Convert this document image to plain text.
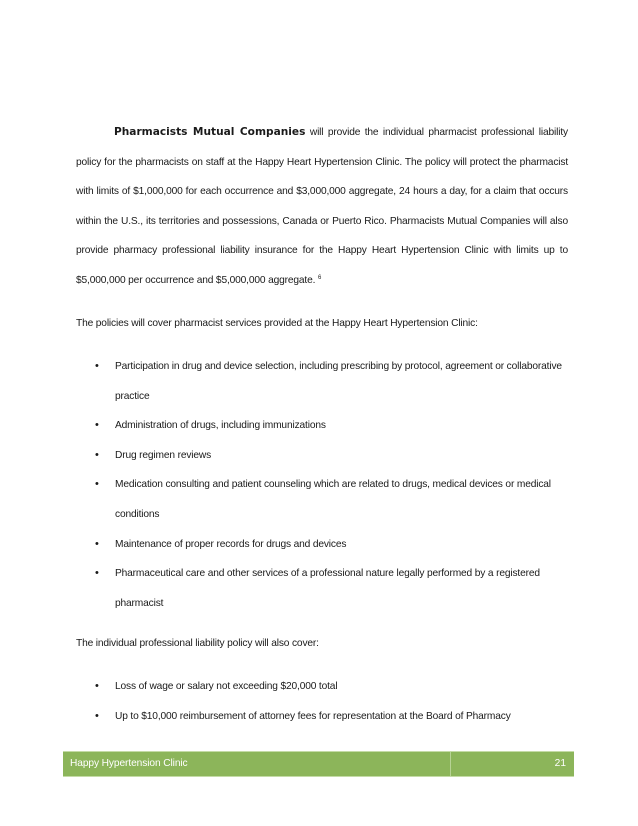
Pharmacists Mutual Companies will provide the individual pharmacist professional liability policy for the pharmacists on staff at the Happy Heart Hypertension Clinic. The policy will protect the pharmacist with limits of $1,000,000 for each occurrence and $3,000,000 aggregate, 24 hours a day, for a claim that occurs within the U.S., its territories and possessions, Canada or Puerto Rico. Pharmacists Mutual Companies will also provide pharmacy professional liability insurance for the Happy Heart Hypertension Clinic with limits up to $5,000,000 per occurrence and $5,000,000 aggregate. $^6$

The policies will cover pharmacist services provided at the Happy Heart Hypertension Clinic:
• Participation in drug and device selection, including prescribing by protocol, agreement or collaborative practice
• Administration of drugs, including immunizations
• Drug regimen reviews
• Medication consulting and patient counseling which are related to drugs, medical devices or medical conditions
• Maintenance of proper records for drugs and devices
• Pharmaceutical care and other services of a professional nature legally performed by a registered pharmacist
The individual professional liability policy will also cover:
• Loss of wage or salary not exceeding $20,000 total
• Up to $10,000 reimbursement of attorney fees for representation at the Board of Pharmacy
Happy Hypertension Clinic	21
